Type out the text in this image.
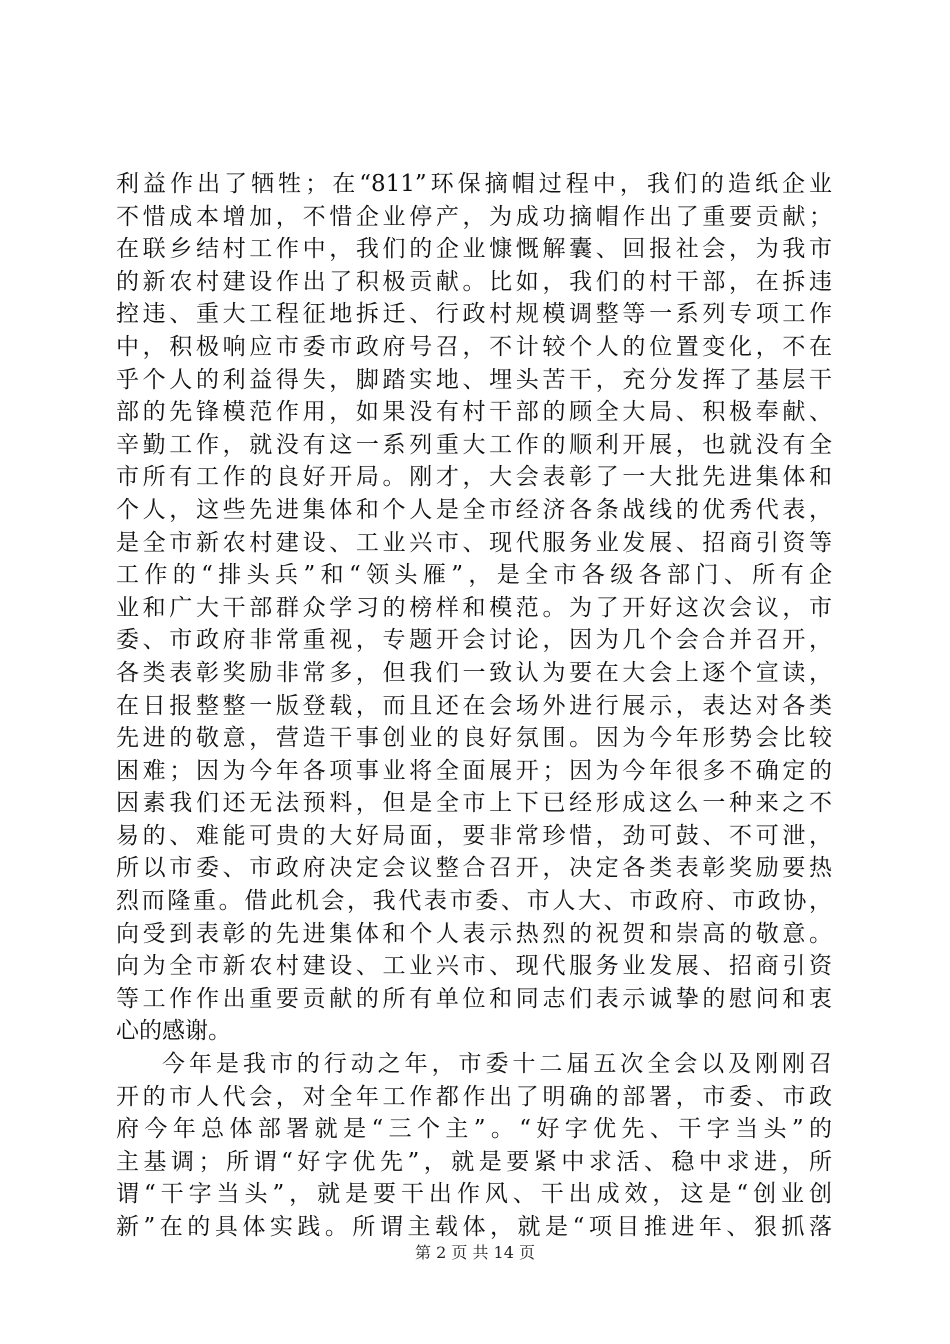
利益作出了牺牲；在“811”环保摘帽过程中，我们的造纸企业
不惜成本增加，不惜企业停产，为成功摘帽作出了重要贡献；
在联乡结村工作中，我们的企业慷慨解囊、回报社会，为我市
的新农村建设作出了积极贡献。比如，我们的村干部，在拆违
控违、重大工程征地拆迁、行政村规模调整等一系列专项工作
中，积极响应市委市政府号召，不计较个人的位置变化，不在
乎个人的利益得失，脚踏实地、埋头苦干，充分发挥了基层干
部的先锋模范作用，如果没有村干部的顾全大局、积极奉献、
辛勤工作，就没有这一系列重大工作的顺利开展，也就没有全
市所有工作的良好开局。刚才，大会表彰了一大批先进集体和
个人，这些先进集体和个人是全市经济各条战线的优秀代表，
是全市新农村建设、工业兴市、现代服务业发展、招商引资等
工作的“排头兵”和“领头雁”，是全市各级各部门、所有企
业和广大干部群众学习的榜样和模范。为了开好这次会议，市
委、市政府非常重视，专题开会讨论，因为几个会合并召开，
各类表彰奖励非常多，但我们一致认为要在大会上逐个宣读，
在日报整整一版登载，而且还在会场外进行展示，表达对各类
先进的敬意，营造干事创业的良好氛围。因为今年形势会比较
困难；因为今年各项事业将全面展开；因为今年很多不确定的
因素我们还无法预料，但是全市上下已经形成这么一种来之不
易的、难能可贵的大好局面，要非常珍惜，劲可鼓、不可泄，
所以市委、市政府决定会议整合召开，决定各类表彰奖励要热
烈而隆重。借此机会，我代表市委、市人大、市政府、市政协，
向受到表彰的先进集体和个人表示热烈的祝贺和崇高的敬意。
向为全市新农村建设、工业兴市、现代服务业发展、招商引资
等工作作出重要贡献的所有单位和同志们表示诚挚的慰问和衷
心的感谢。
今年是我市的行动之年，市委十二届五次全会以及刚刚召
开的市人代会，对全年工作都作出了明确的部署，市委、市政
府今年总体部署就是“三个主”。“好字优先、干字当头”的
主基调；所谓“好字优先”，就是要紧中求活、稳中求进，所
谓“干字当头”，就是要干出作风、干出成效，这是“创业创
新”在的具体实践。所谓主载体，就是“项目推进年、狠抓落
第 2 页 共 14 页
